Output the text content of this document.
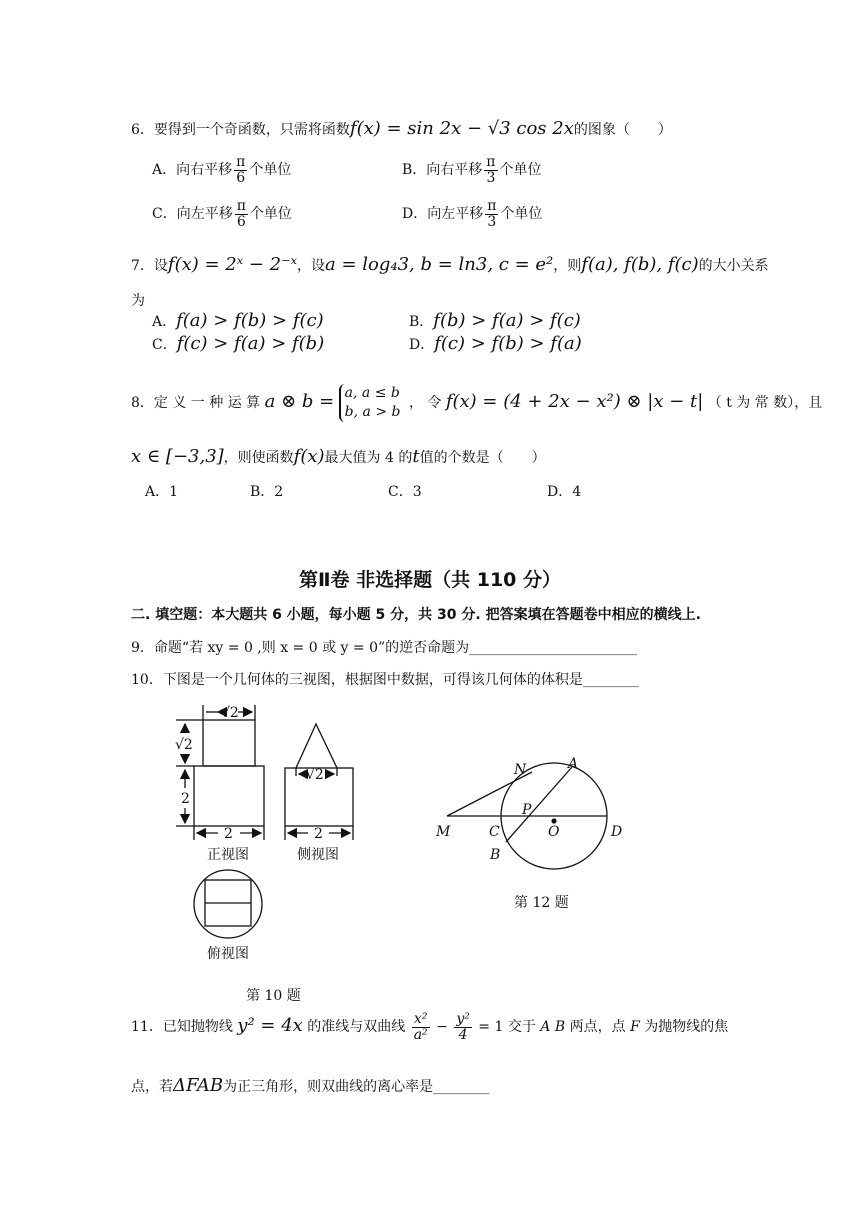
6．要得到一个奇函数，只需将函数f(x) = sin 2x − √3 cos 2x的图象（　　）
A．向右平移 $\frac{\pi}{6}$ 个单位	B．向右平移 $\frac{\pi}{3}$ 个单位
C．向左平移 $\frac{\pi}{6}$ 个单位	D．向左平移 $\frac{\pi}{3}$ 个单位
7．设f(x) = 2ˣ − 2⁻ˣ，设a = log₄3, b = ln3, c = e²，则f(a), f(b), f(c)的大小关系
为
A．f(a) > f(b) > f(c)	B．f(b) > f(a) > f(c)
C．f(c) > f(a) > f(b)	D．f(c) > f(b) > f(a)
8．定 义 一 种 运 算 a ⊗ b = a, a ≤ b
b, a > b
， 令 f(x) = (4 + 2x − x²) ⊗ |x − t| （ t 为 常 数），且
x ∈ [−3,3]，则使函数f(x)最大值为 4 的t值的个数是（　　）
A．1	B．2	C．3	D．4
第Ⅱ卷 非选择题（共 110 分）
二. 填空题：本大题共 6 小题，每小题 5 分，共 30 分. 把答案填在答题卷中相应的横线上.
9．命题“若 xy = 0 ,则 x = 0 或 y = 0”的逆否命题为________________________
10．下图是一个几何体的三视图，根据图中数据，可得该几何体的体积是________
√2
√2
2
2
√2
2
正视图	侧视图
俯视图
第 10 题
N	A
P
M	C	O	D
B
第 12 题
11．已知抛物线 y² = 4x 的准线与双曲线 $\frac{\text{x²}}{\text{a²}} - \frac{\text{y²}}{4} = 1$ 交于 A B 两点，点 F 为抛物线的焦
点，若ΔFAB为正三角形，则双曲线的离心率是________
